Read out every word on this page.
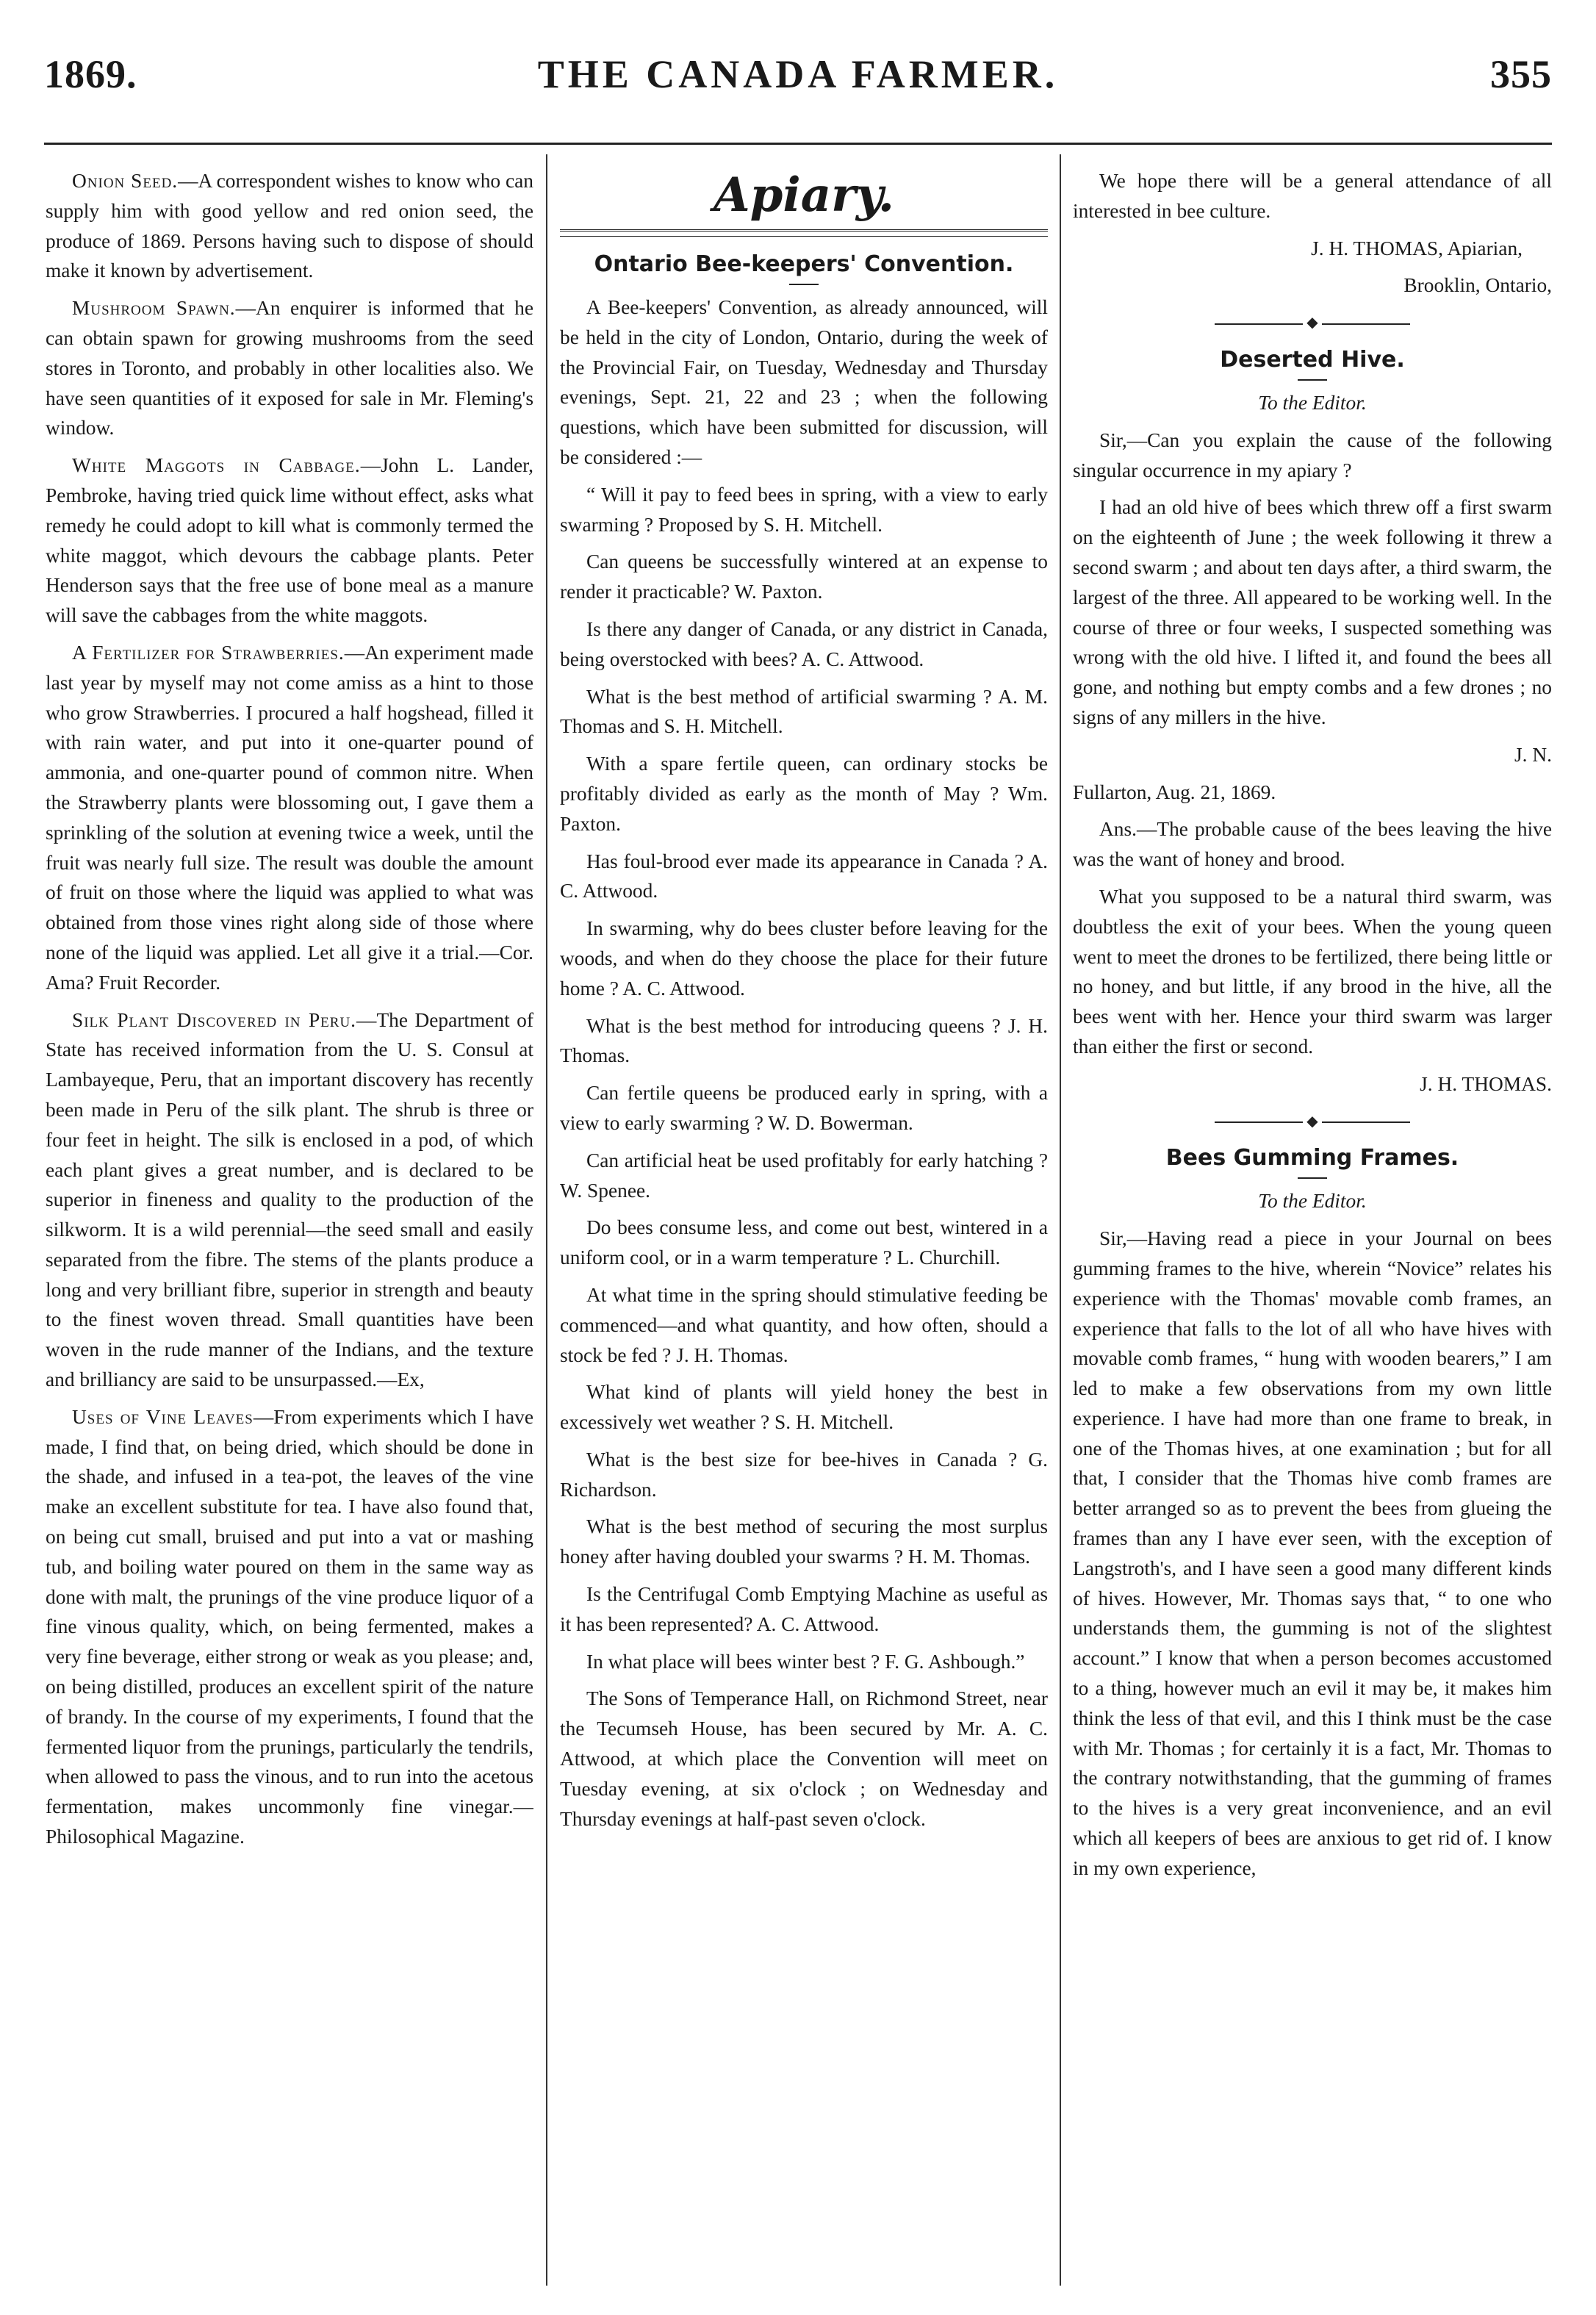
1869.	THE CANADA FARMER.	355

Onion Seed.—A correspondent wishes to know who can supply him with good yellow and red onion seed, the produce of 1869. Persons having such to dispose of should make it known by advertisement.

Mushroom Spawn.—An enquirer is informed that he can obtain spawn for growing mushrooms from the seed stores in Toronto, and probably in other localities also. We have seen quantities of it exposed for sale in Mr. Fleming's window.

White Maggots in Cabbage.—John L. Lander, Pembroke, having tried quick lime without effect, asks what remedy he could adopt to kill what is commonly termed the white maggot, which devours the cabbage plants. Peter Henderson says that the free use of bone meal as a manure will save the cabbages from the white maggots.

A Fertilizer for Strawberries.—An experiment made last year by myself may not come amiss as a hint to those who grow Strawberries. I procured a half hogshead, filled it with rain water, and put into it one-quarter pound of ammonia, and one-quarter pound of common nitre. When the Strawberry plants were blossoming out, I gave them a sprinkling of the solution at evening twice a week, until the fruit was nearly full size. The result was double the amount of fruit on those where the liquid was applied to what was obtained from those vines right along side of those where none of the liquid was applied. Let all give it a trial.—Cor. Ama? Fruit Recorder.

Silk Plant Discovered in Peru.—The Department of State has received information from the U. S. Consul at Lambayeque, Peru, that an important discovery has recently been made in Peru of the silk plant. The shrub is three or four feet in height. The silk is enclosed in a pod, of which each plant gives a great number, and is declared to be superior in fineness and quality to the production of the silkworm. It is a wild perennial—the seed small and easily separated from the fibre. The stems of the plants produce a long and very brilliant fibre, superior in strength and beauty to the finest woven thread. Small quantities have been woven in the rude manner of the Indians, and the texture and brilliancy are said to be unsurpassed.—Ex,

Uses of Vine Leaves—From experiments which I have made, I find that, on being dried, which should be done in the shade, and infused in a tea-pot, the leaves of the vine make an excellent substitute for tea. I have also found that, on being cut small, bruised and put into a vat or mashing tub, and boiling water poured on them in the same way as done with malt, the prunings of the vine produce liquor of a fine vinous quality, which, on being fermented, makes a very fine beverage, either strong or weak as you please; and, on being distilled, produces an excellent spirit of the nature of brandy. In the course of my experiments, I found that the fermented liquor from the prunings, particularly the tendrils, when allowed to pass the vinous, and to run into the acetous fermentation, makes uncommonly fine vinegar.—Philosophical Magazine.

Apiary.
Ontario Bee-keepers' Convention.

A Bee-keepers' Convention, as already announced, will be held in the city of London, Ontario, during the week of the Provincial Fair, on Tuesday, Wednesday and Thursday evenings, Sept. 21, 22 and 23 ; when the following questions, which have been submitted for discussion, will be considered :—

“ Will it pay to feed bees in spring, with a view to early swarming ? Proposed by S. H. Mitchell.

Can queens be successfully wintered at an expense to render it practicable? W. Paxton.

Is there any danger of Canada, or any district in Canada, being overstocked with bees? A. C. Attwood.

What is the best method of artificial swarming ? A. M. Thomas and S. H. Mitchell.

With a spare fertile queen, can ordinary stocks be profitably divided as early as the month of May ? Wm. Paxton.

Has foul-brood ever made its appearance in Canada ? A. C. Attwood.

In swarming, why do bees cluster before leaving for the woods, and when do they choose the place for their future home ? A. C. Attwood.

What is the best method for introducing queens ? J. H. Thomas.

Can fertile queens be produced early in spring, with a view to early swarming ? W. D. Bowerman.

Can artificial heat be used profitably for early hatching ? W. Spenee.

Do bees consume less, and come out best, wintered in a uniform cool, or in a warm temperature ? L. Churchill.

At what time in the spring should stimulative feeding be commenced—and what quantity, and how often, should a stock be fed ? J. H. Thomas.

What kind of plants will yield honey the best in excessively wet weather ? S. H. Mitchell.

What is the best size for bee-hives in Canada ? G. Richardson.

What is the best method of securing the most surplus honey after having doubled your swarms ? H. M. Thomas.

Is the Centrifugal Comb Emptying Machine as useful as it has been represented? A. C. Attwood.

In what place will bees winter best ? F. G. Ashbough.”

The Sons of Temperance Hall, on Richmond Street, near the Tecumseh House, has been secured by Mr. A. C. Attwood, at which place the Convention will meet on Tuesday evening, at six o'clock ; on Wednesday and Thursday evenings at half-past seven o'clock.

We hope there will be a general attendance of all interested in bee culture.

J. H. THOMAS, Apiarian,

Brooklin, Ontario,

◆
Deserted Hive.

To the Editor.

Sir,—Can you explain the cause of the following singular occurrence in my apiary ?

I had an old hive of bees which threw off a first swarm on the eighteenth of June ; the week following it threw a second swarm ; and about ten days after, a third swarm, the largest of the three. All appeared to be working well. In the course of three or four weeks, I suspected something was wrong with the old hive. I lifted it, and found the bees all gone, and nothing but empty combs and a few drones ; no signs of any millers in the hive.

J. N.

Fullarton, Aug. 21, 1869.

Ans.—The probable cause of the bees leaving the hive was the want of honey and brood.

What you supposed to be a natural third swarm, was doubtless the exit of your bees. When the young queen went to meet the drones to be fertilized, there being little or no honey, and but little, if any brood in the hive, all the bees went with her. Hence your third swarm was larger than either the first or second.

J. H. THOMAS.

◆
Bees Gumming Frames.

To the Editor.

Sir,—Having read a piece in your Journal on bees gumming frames to the hive, wherein “Novice” relates his experience with the Thomas' movable comb frames, an experience that falls to the lot of all who have hives with movable comb frames, “ hung with wooden bearers,” I am led to make a few observations from my own little experience. I have had more than one frame to break, in one of the Thomas hives, at one examination ; but for all that, I consider that the Thomas hive comb frames are better arranged so as to prevent the bees from glueing the frames than any I have ever seen, with the exception of Langstroth's, and I have seen a good many different kinds of hives. However, Mr. Thomas says that, “ to one who understands them, the gumming is not of the slightest account.” I know that when a person becomes accustomed to a thing, however much an evil it may be, it makes him think the less of that evil, and this I think must be the case with Mr. Thomas ; for certainly it is a fact, Mr. Thomas to the contrary notwithstanding, that the gumming of frames to the hives is a very great inconvenience, and an evil which all keepers of bees are anxious to get rid of. I know in my own experience,
